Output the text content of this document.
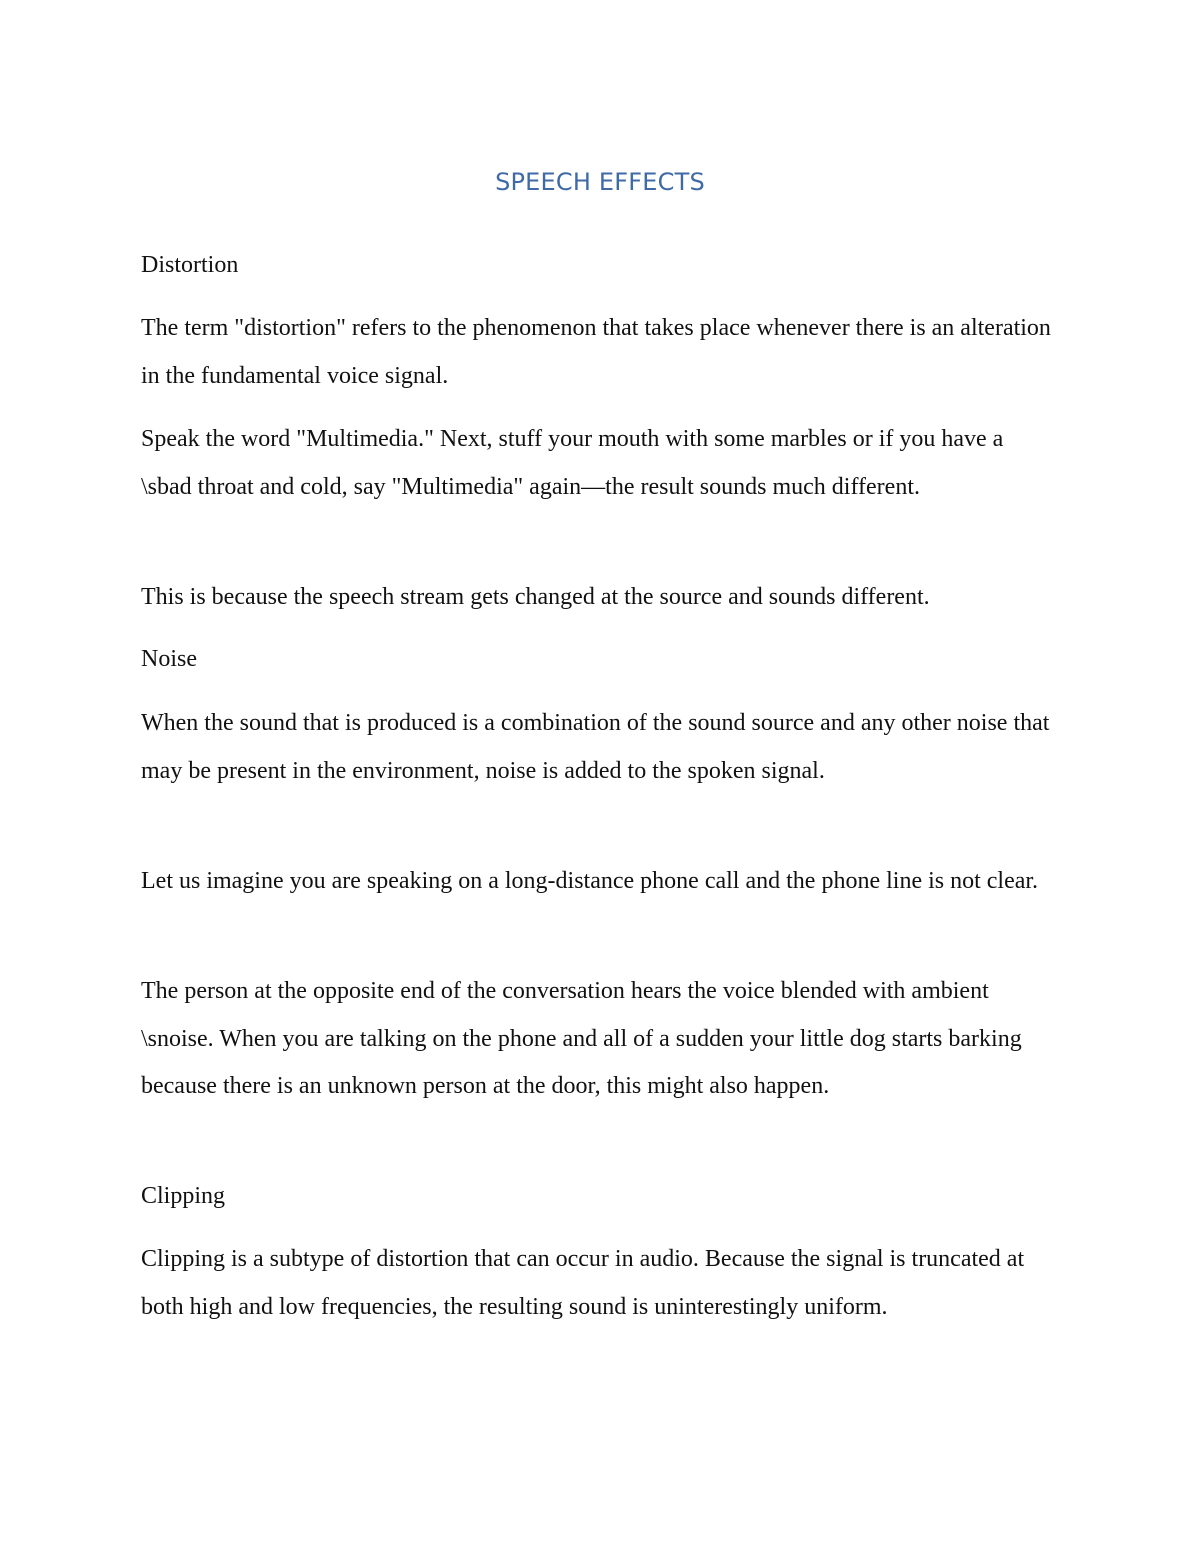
SPEECH EFFECTS

Distortion

The term "distortion" refers to the phenomenon that takes place whenever there is an alteration in the fundamental voice signal.

Speak the word "Multimedia." Next, stuff your mouth with some marbles or if you have a \sbad throat and cold, say "Multimedia" again—the result sounds much different.

This is because the speech stream gets changed at the source and sounds different.

Noise

When the sound that is produced is a combination of the sound source and any other noise that may be present in the environment, noise is added to the spoken signal.

Let us imagine you are speaking on a long-distance phone call and the phone line is not clear.

The person at the opposite end of the conversation hears the voice blended with ambient \snoise. When you are talking on the phone and all of a sudden your little dog starts barking because there is an unknown person at the door, this might also happen.

Clipping

Clipping is a subtype of distortion that can occur in audio. Because the signal is truncated at both high and low frequencies, the resulting sound is uninterestingly uniform.
